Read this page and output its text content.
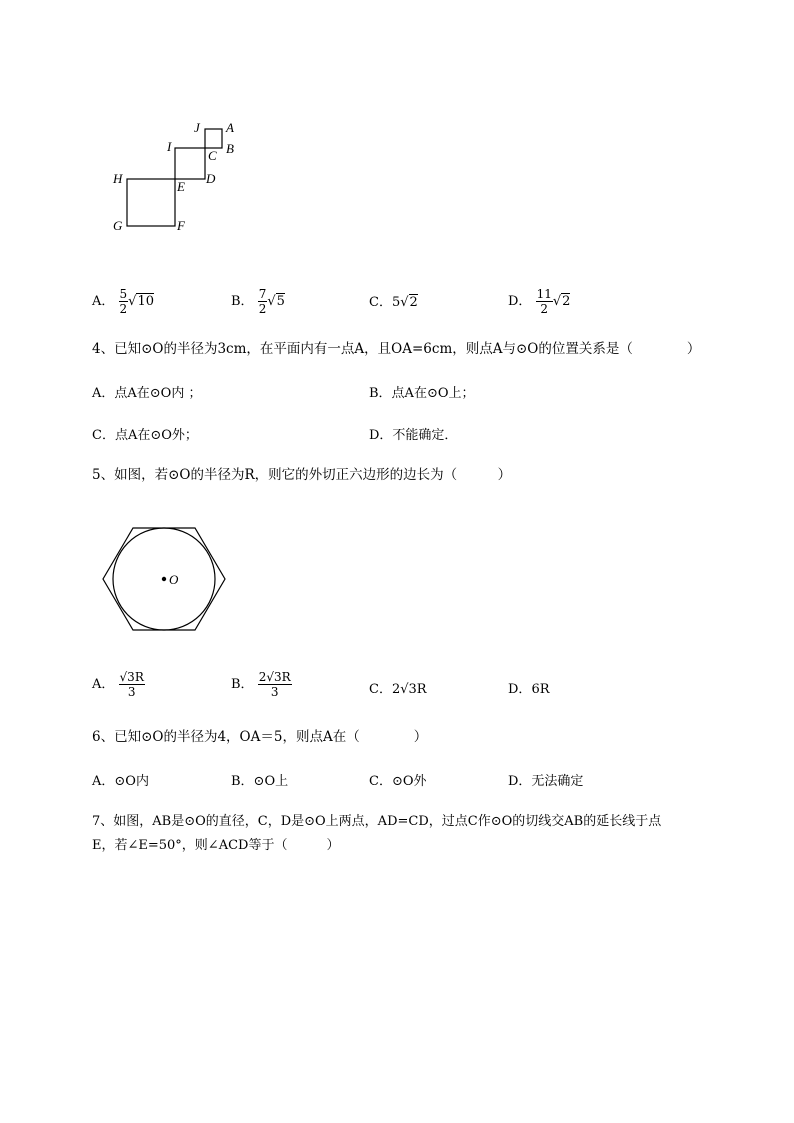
J A
I
C B
H
E
D
G	F
A． $\frac{5}{2} √10$	B． $\frac{7}{2} √5$	C．5√2	D． $\frac{11}{2} √2$
4、已知⊙O的半径为3cm，在平面内有一点A，且OA=6cm，则点A与⊙O的位置关系是（　　　　）
A．点A在⊙O内 ；	B．点A在⊙O上；
C．点A在⊙O外；	D．不能确定．
5、如图，若⊙O的半径为R，则它的外切正六边形的边长为（　　　）
O
A． $\frac{√3R}{3}$	B． $\frac{2√3R}{3}$	C．2√3R	D．6R
6、已知⊙O的半径为4，OA＝5，则点A在（　　　　）
A．⊙O内	B．⊙O上	C．⊙O外	D．无法确定
7、如图，AB是⊙O的直径，C，D是⊙O上两点，AD=CD，过点C作⊙O的切线交AB的延长线于点
E，若∠E=50°，则∠ACD等于（　　　）
